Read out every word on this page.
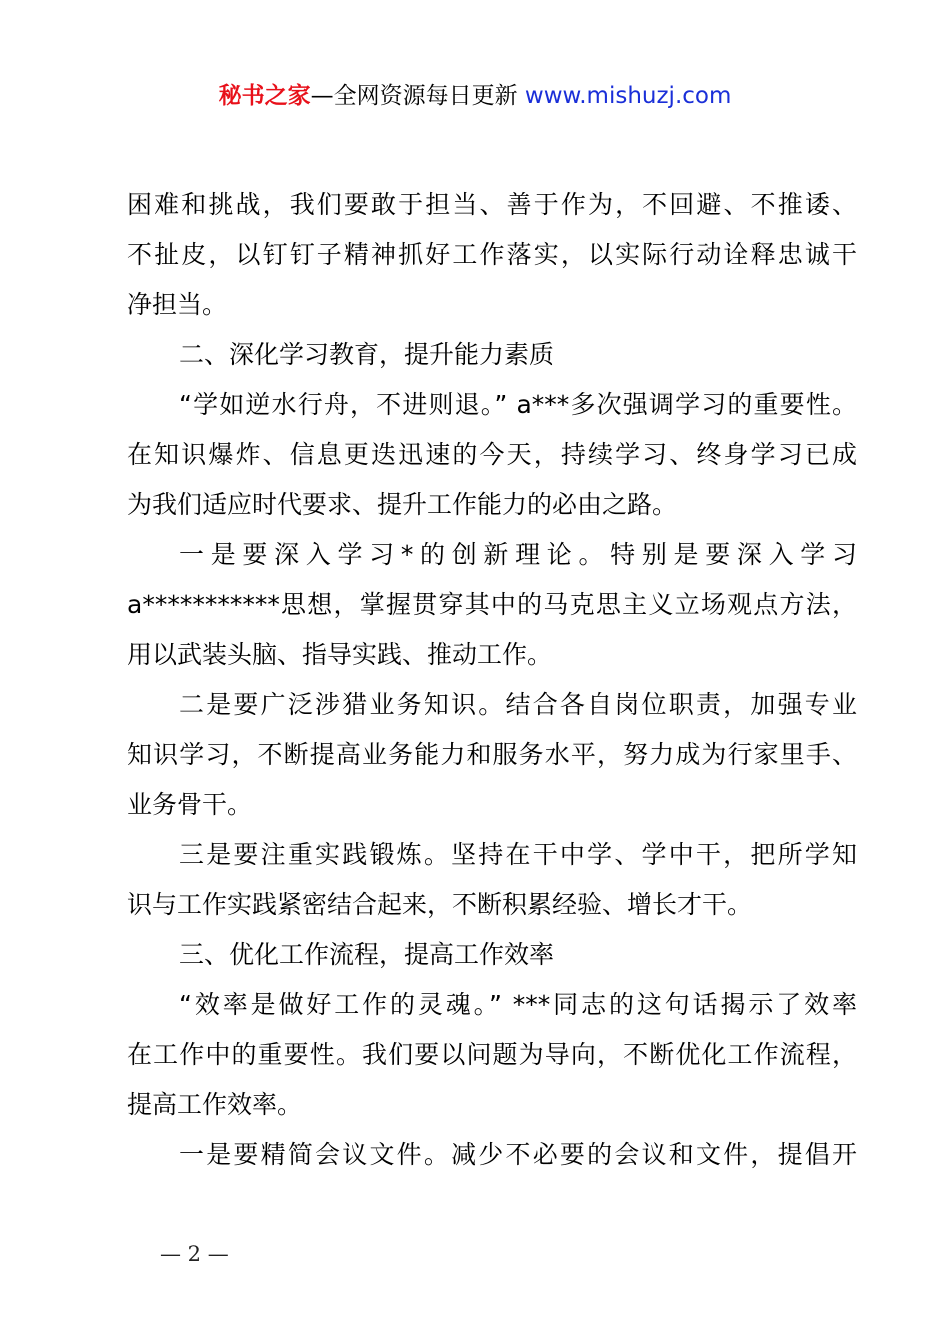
秘书之家—全网资源每日更新 www.mishuzj.com
困难和挑战，我们要敢于担当、善于作为，不回避、不推诿、
不扯皮，以钉钉子精神抓好工作落实，以实际行动诠释忠诚干
净担当。
二、深化学习教育，提升能力素质
“学如逆水行舟，不进则退。” a***多次强调学习的重要性。
在知识爆炸、信息更迭迅速的今天，持续学习、终身学习已成
为我们适应时代要求、提升工作能力的必由之路。
一是要深入学习*的创新理论。特别是要深入学习
a***********思想，掌握贯穿其中的马克思主义立场观点方法，
用以武装头脑、指导实践、推动工作。
二是要广泛涉猎业务知识。结合各自岗位职责，加强专业
知识学习，不断提高业务能力和服务水平，努力成为行家里手、
业务骨干。
三是要注重实践锻炼。坚持在干中学、学中干，把所学知
识与工作实践紧密结合起来，不断积累经验、增长才干。
三、优化工作流程，提高工作效率
“效率是做好工作的灵魂。” ***同志的这句话揭示了效率
在工作中的重要性。我们要以问题为导向，不断优化工作流程，
提高工作效率。
一是要精简会议文件。减少不必要的会议和文件，提倡开
— 2 —
